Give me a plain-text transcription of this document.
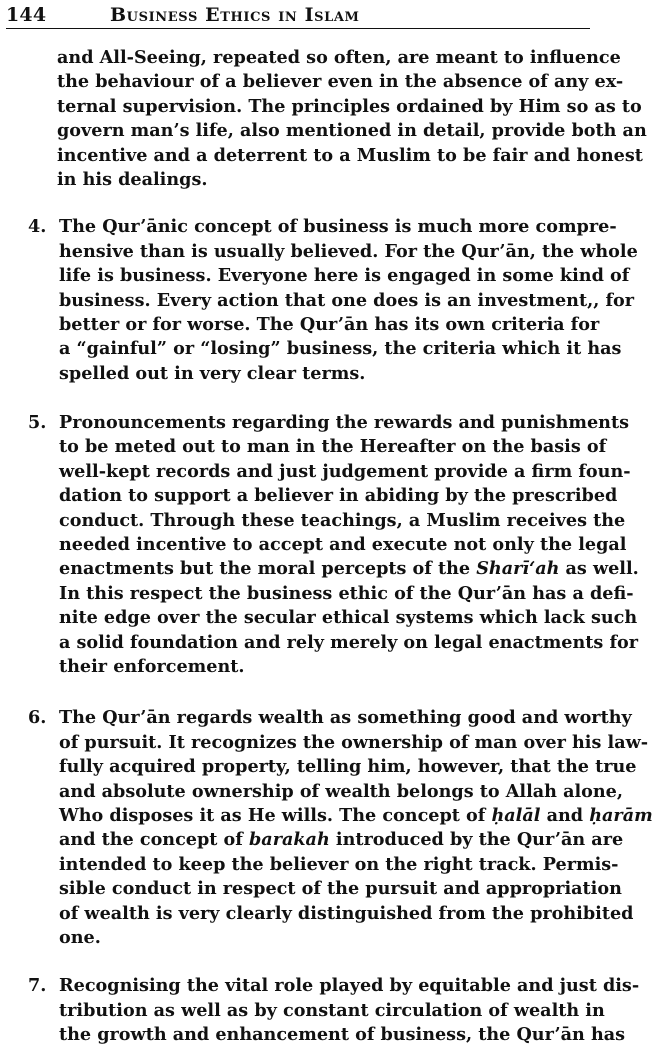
144	Business Ethics in Islam
and All-Seeing, repeated so often, are meant to influence
the behaviour of a believer even in the absence of any ex-
ternal supervision. The principles ordained by Him so as to
govern man’s life, also mentioned in detail, provide both an
incentive and a deterrent to a Muslim to be fair and honest
in his dealings.
4. The Qur’ānic concept of business is much more compre-
hensive than is usually believed. For the Qur’ān, the whole
life is business. Everyone here is engaged in some kind of
business. Every action that one does is an investment,, for
better or for worse. The Qur’ān has its own criteria for
a “gainful” or “losing” business, the criteria which it has
spelled out in very clear terms.
5. Pronouncements regarding the rewards and punishments
to be meted out to man in the Hereafter on the basis of
well-kept records and just judgement provide a firm foun-
dation to support a believer in abiding by the prescribed
conduct. Through these teachings, a Muslim receives the
needed incentive to accept and execute not only the legal
enactments but the moral percepts of the Sharī‘ah as well.
In this respect the business ethic of the Qur’ān has a defi-
nite edge over the secular ethical systems which lack such
a solid foundation and rely merely on legal enactments for
their enforcement.
6. The Qur’ān regards wealth as something good and worthy
of pursuit. It recognizes the ownership of man over his law-
fully acquired property, telling him, however, that the true
and absolute ownership of wealth belongs to Allah alone,
Who disposes it as He wills. The concept of ḥalāl and ḥarām
and the concept of barakah introduced by the Qur’ān are
intended to keep the believer on the right track. Permis-
sible conduct in respect of the pursuit and appropriation
of wealth is very clearly distinguished from the prohibited
one.
7. Recognising the vital role played by equitable and just dis-
tribution as well as by constant circulation of wealth in
the growth and enhancement of business, the Qur’ān has
